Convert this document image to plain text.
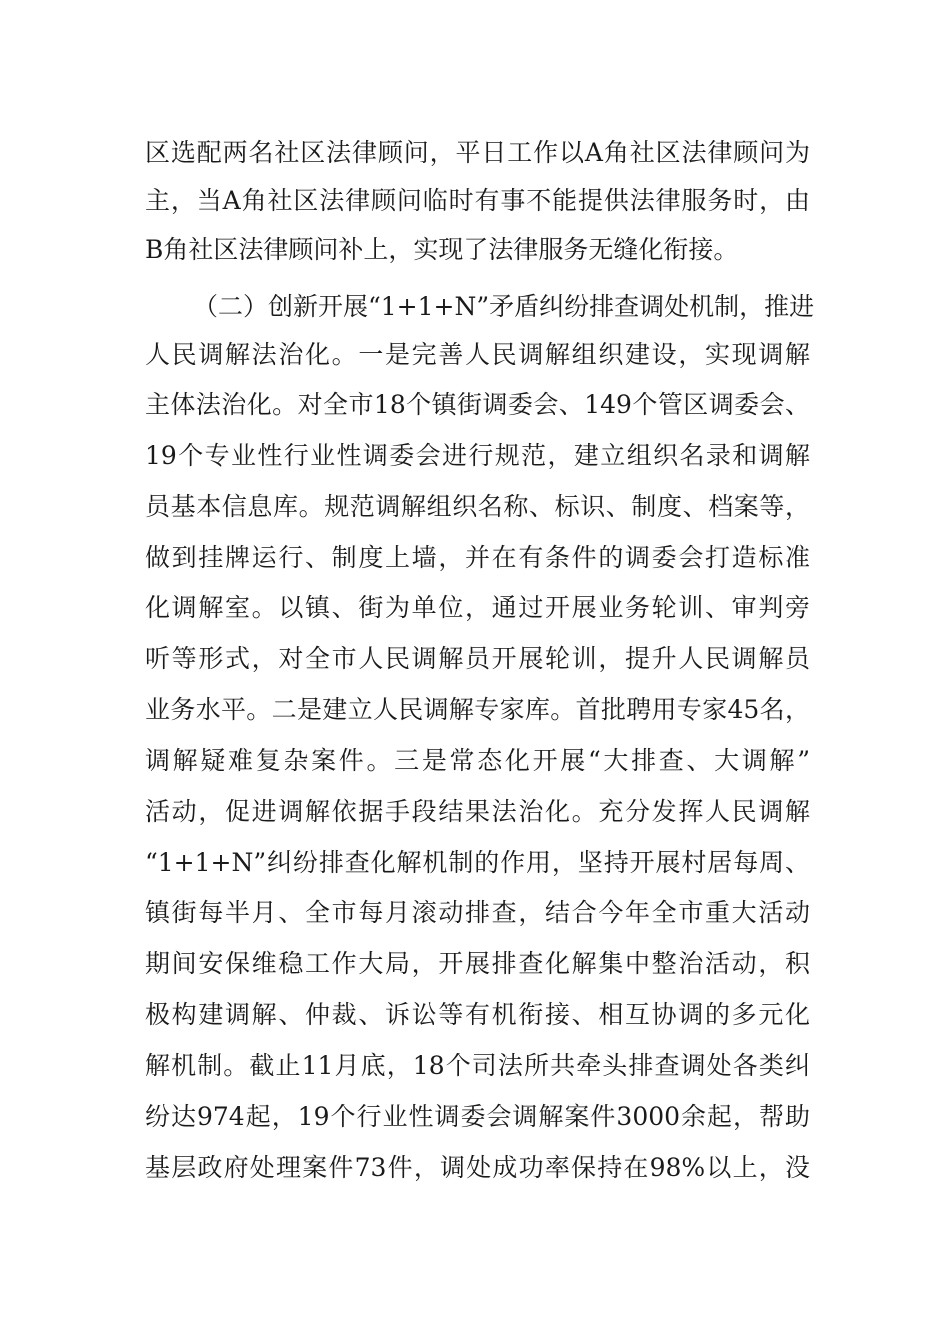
区选配两名社区法律顾问，平日工作以A角社区法律顾问为
主，当A角社区法律顾问临时有事不能提供法律服务时，由
B角社区法律顾问补上，实现了法律服务无缝化衔接。
（二）创新开展“1+1+N”矛盾纠纷排查调处机制，推进
人民调解法治化。一是完善人民调解组织建设，实现调解
主体法治化。对全市18个镇街调委会、149个管区调委会、
19个专业性行业性调委会进行规范，建立组织名录和调解
员基本信息库。规范调解组织名称、标识、制度、档案等，
做到挂牌运行、制度上墙，并在有条件的调委会打造标准
化调解室。以镇、街为单位，通过开展业务轮训、审判旁
听等形式，对全市人民调解员开展轮训，提升人民调解员
业务水平。二是建立人民调解专家库。首批聘用专家45名，
调解疑难复杂案件。三是常态化开展“大排查、大调解”
活动，促进调解依据手段结果法治化。充分发挥人民调解
“1+1+N”纠纷排查化解机制的作用，坚持开展村居每周、
镇街每半月、全市每月滚动排查，结合今年全市重大活动
期间安保维稳工作大局，开展排查化解集中整治活动，积
极构建调解、仲裁、诉讼等有机衔接、相互协调的多元化
解机制。截止11月底，18个司法所共牵头排查调处各类纠
纷达974起，19个行业性调委会调解案件3000余起，帮助
基层政府处理案件73件，调处成功率保持在98%以上，没
